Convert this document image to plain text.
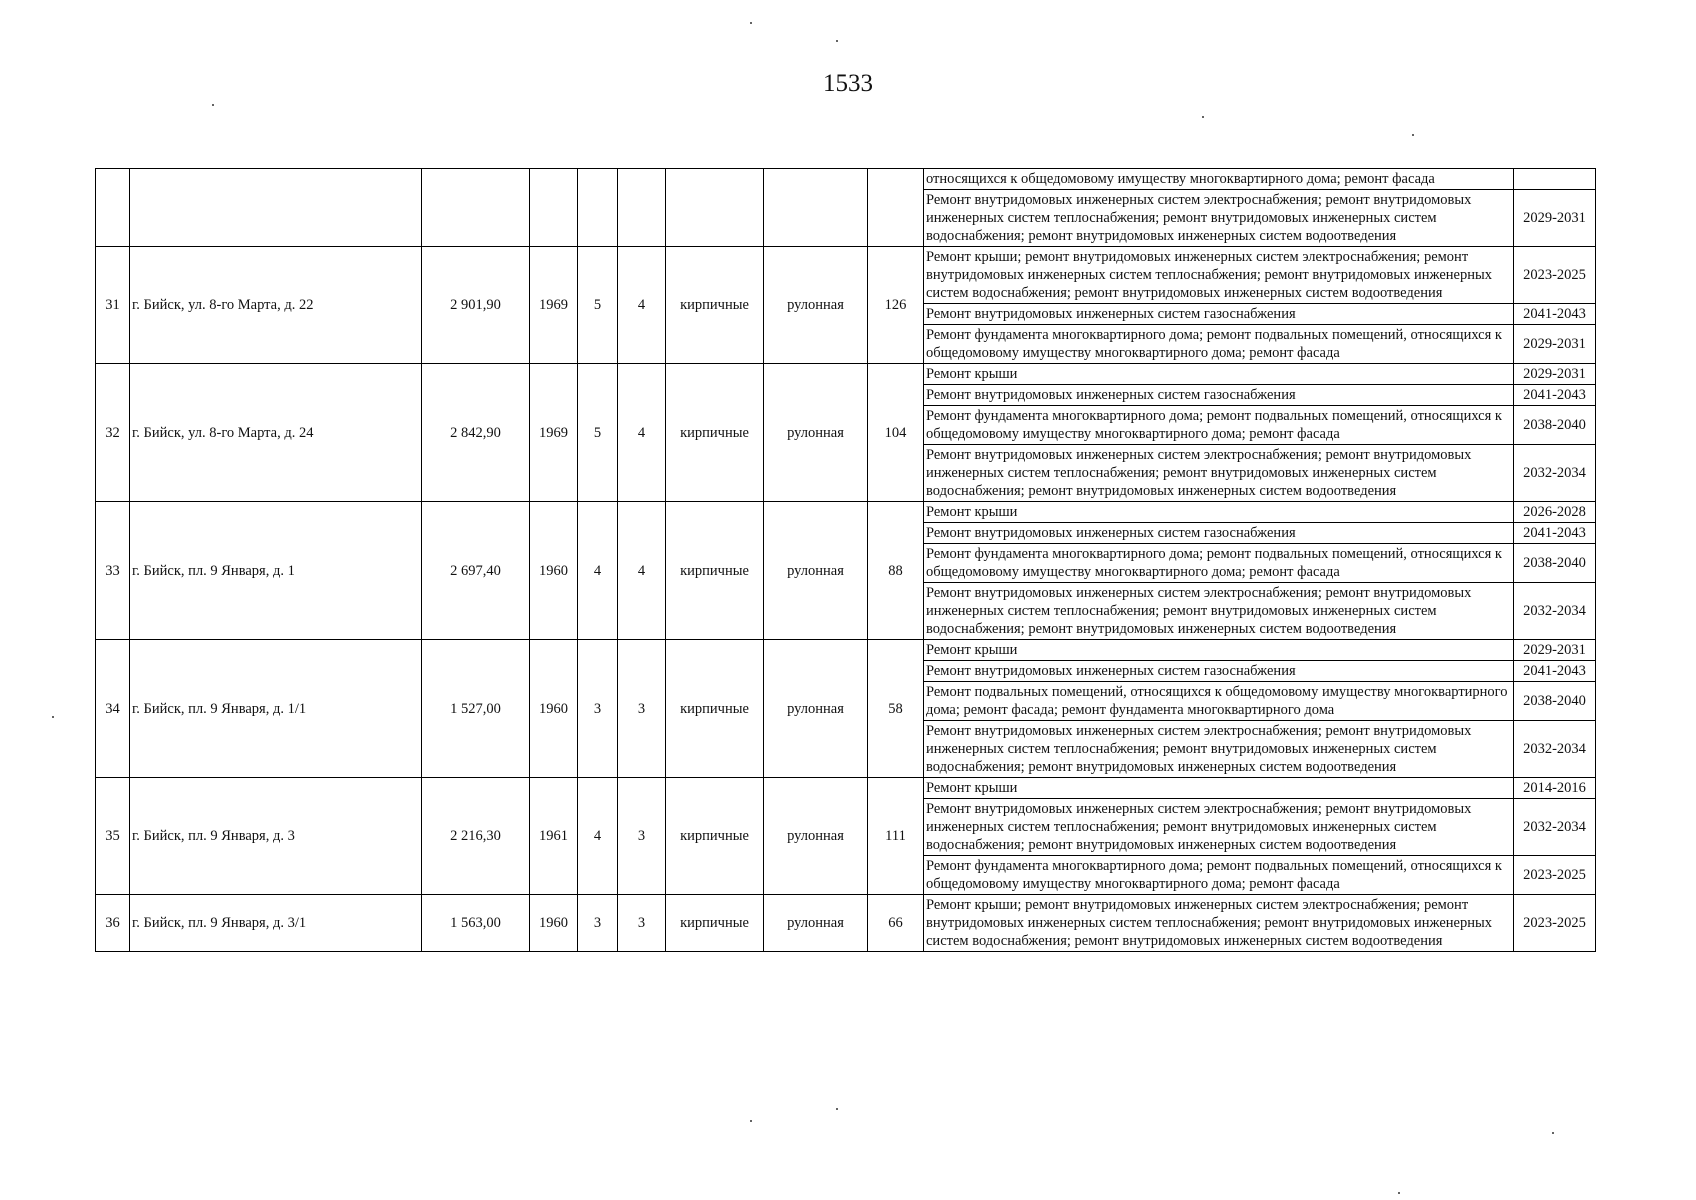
1533
									относящихся к общедомовому имуществу многоквартирного дома; ремонт фасада	
									Ремонт внутридомовых инженерных систем электроснабжения; ремонт внутридомовых инженерных систем теплоснабжения; ремонт внутридомовых инженерных систем водоснабжения; ремонт внутридомовых инженерных систем водоотведения	2029-2031
31	г. Бийск, ул. 8-го Марта, д. 22	2 901,90	1969	5	4	кирпичные	рулонная	126	Ремонт крыши; ремонт внутридомовых инженерных систем электроснабжения; ремонт внутридомовых инженерных систем теплоснабжения; ремонт внутридомовых инженерных систем водоснабжения; ремонт внутридомовых инженерных систем водоотведения	2023-2025
									Ремонт внутридомовых инженерных систем газоснабжения	2041-2043
									Ремонт фундамента многоквартирного дома; ремонт подвальных помещений, относящихся к общедомовому имуществу многоквартирного дома; ремонт фасада	2029-2031
32	г. Бийск, ул. 8-го Марта, д. 24	2 842,90	1969	5	4	кирпичные	рулонная	104	Ремонт крыши	2029-2031
									Ремонт внутридомовых инженерных систем газоснабжения	2041-2043
									Ремонт фундамента многоквартирного дома; ремонт подвальных помещений, относящихся к общедомовому имуществу многоквартирного дома; ремонт фасада	2038-2040
									Ремонт внутридомовых инженерных систем электроснабжения; ремонт внутридомовых инженерных систем теплоснабжения; ремонт внутридомовых инженерных систем водоснабжения; ремонт внутридомовых инженерных систем водоотведения	2032-2034
33	г. Бийск, пл. 9 Января, д. 1	2 697,40	1960	4	4	кирпичные	рулонная	88	Ремонт крыши	2026-2028
									Ремонт внутридомовых инженерных систем газоснабжения	2041-2043
									Ремонт фундамента многоквартирного дома; ремонт подвальных помещений, относящихся к общедомовому имуществу многоквартирного дома; ремонт фасада	2038-2040
									Ремонт внутридомовых инженерных систем электроснабжения; ремонт внутридомовых инженерных систем теплоснабжения; ремонт внутридомовых инженерных систем водоснабжения; ремонт внутридомовых инженерных систем водоотведения	2032-2034
34	г. Бийск, пл. 9 Января, д. 1/1	1 527,00	1960	3	3	кирпичные	рулонная	58	Ремонт крыши	2029-2031
									Ремонт внутридомовых инженерных систем газоснабжения	2041-2043
									Ремонт подвальных помещений, относящихся к общедомовому имуществу многоквартирного дома; ремонт фасада; ремонт фундамента многоквартирного дома	2038-2040
									Ремонт внутридомовых инженерных систем электроснабжения; ремонт внутридомовых инженерных систем теплоснабжения; ремонт внутридомовых инженерных систем водоснабжения; ремонт внутридомовых инженерных систем водоотведения	2032-2034
35	г. Бийск, пл. 9 Января, д. 3	2 216,30	1961	4	3	кирпичные	рулонная	111	Ремонт крыши	2014-2016
									Ремонт внутридомовых инженерных систем электроснабжения; ремонт внутридомовых инженерных систем теплоснабжения; ремонт внутридомовых инженерных систем водоснабжения; ремонт внутридомовых инженерных систем водоотведения	2032-2034
									Ремонт фундамента многоквартирного дома; ремонт подвальных помещений, относящихся к общедомовому имуществу многоквартирного дома; ремонт фасада	2023-2025
36	г. Бийск, пл. 9 Января, д. 3/1	1 563,00	1960	3	3	кирпичные	рулонная	66	Ремонт крыши; ремонт внутридомовых инженерных систем электроснабжения; ремонт внутридомовых инженерных систем теплоснабжения; ремонт внутридомовых инженерных систем водоснабжения; ремонт внутридомовых инженерных систем водоотведения	2023-2025
